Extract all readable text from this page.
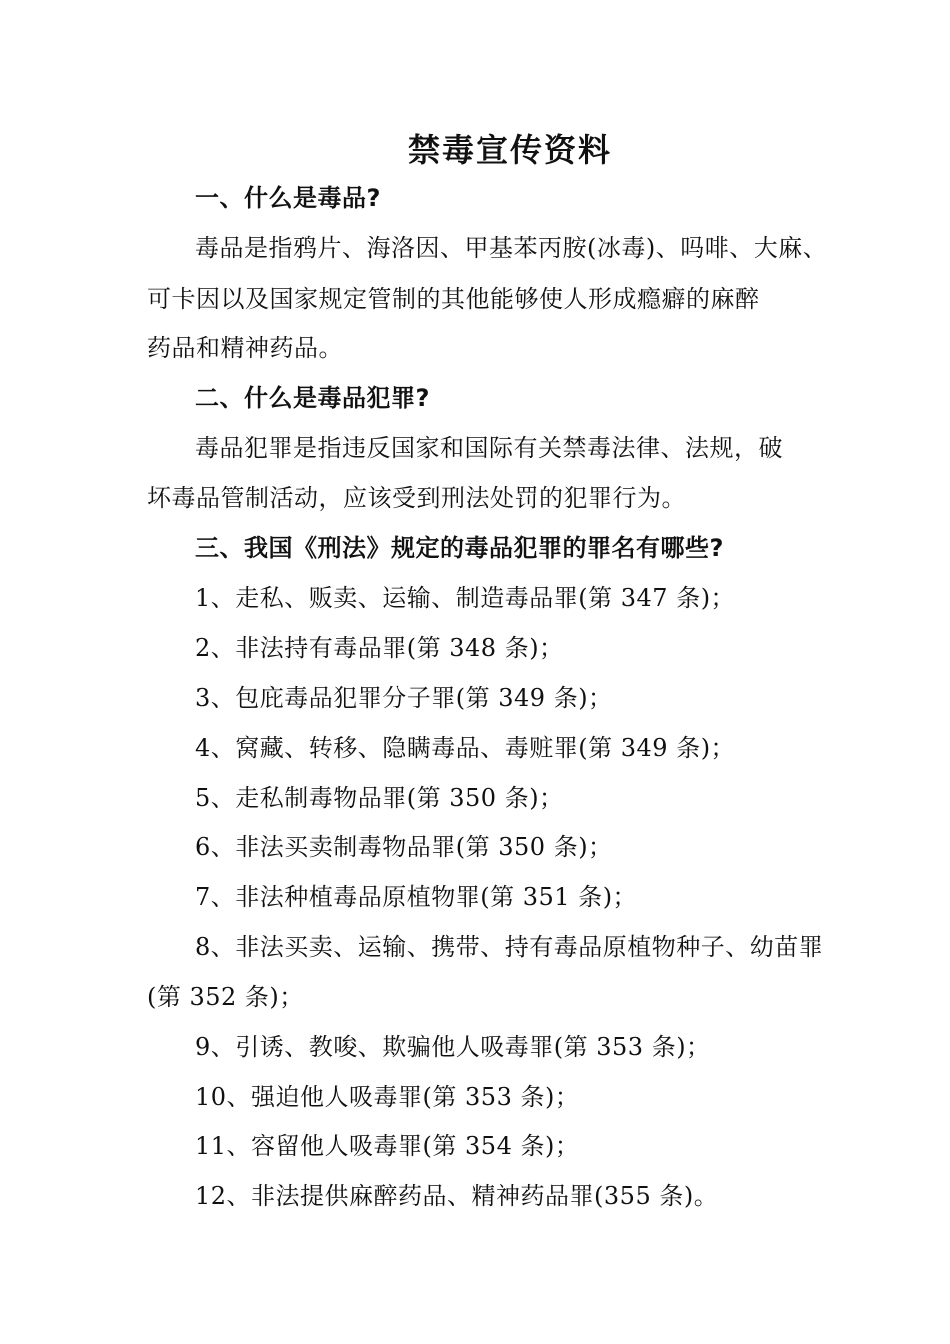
禁毒宣传资料
一、什么是毒品?
毒品是指鸦片、海洛因、甲基苯丙胺(冰毒)、吗啡、大麻、
可卡因以及国家规定管制的其他能够使人形成瘾癖的麻醉
药品和精神药品。
二、什么是毒品犯罪?
毒品犯罪是指违反国家和国际有关禁毒法律、法规，破
坏毒品管制活动，应该受到刑法处罚的犯罪行为。
三、我国《刑法》规定的毒品犯罪的罪名有哪些?
1、走私、贩卖、运输、制造毒品罪(第 347 条)；
2、非法持有毒品罪(第 348 条)；
3、包庇毒品犯罪分子罪(第 349 条)；
4、窝藏、转移、隐瞒毒品、毒赃罪(第 349 条)；
5、走私制毒物品罪(第 350 条)；
6、非法买卖制毒物品罪(第 350 条)；
7、非法种植毒品原植物罪(第 351 条)；
8、非法买卖、运输、携带、持有毒品原植物种子、幼苗罪
(第 352 条)；
9、引诱、教唆、欺骗他人吸毒罪(第 353 条)；
10、强迫他人吸毒罪(第 353 条)；
11、容留他人吸毒罪(第 354 条)；
12、非法提供麻醉药品、精神药品罪(355 条)。
